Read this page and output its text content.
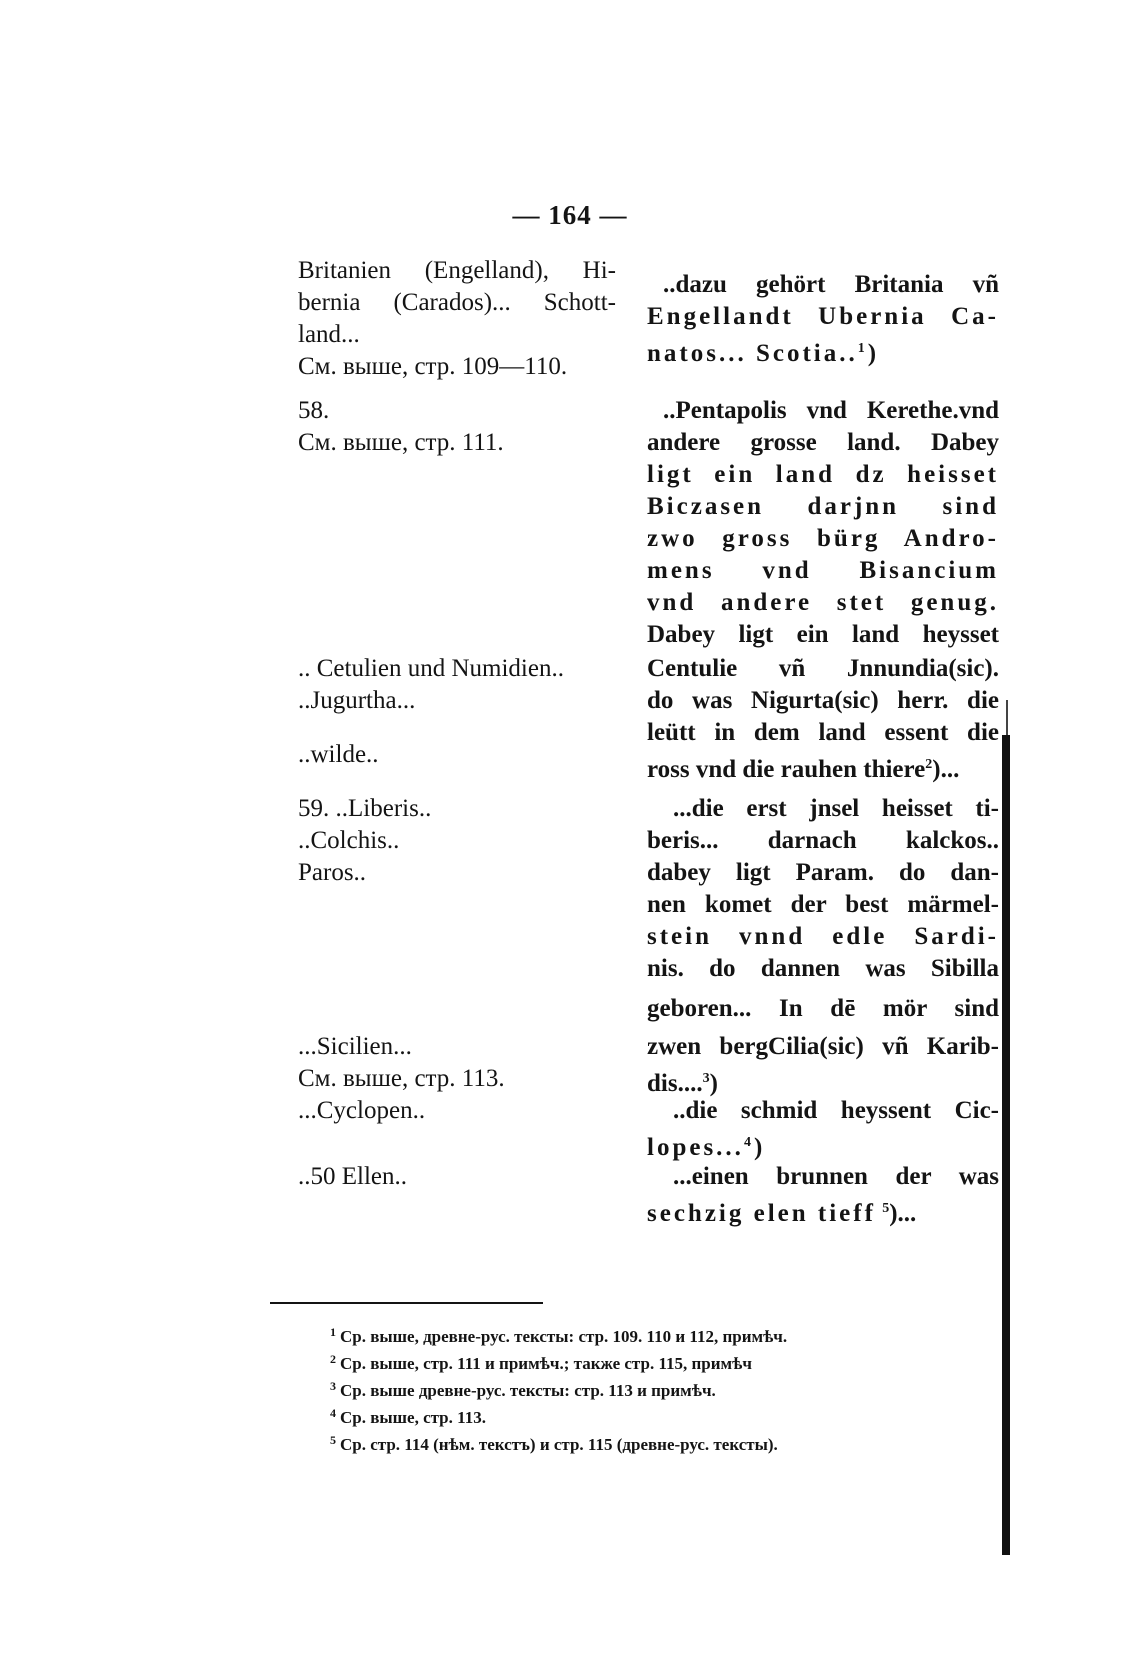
— 164 —
Britanien (Engelland), Hi-
bernia (Carados)... Schott-
land...
См. выше, стр. 109—110.
58.
См. выше, стр. 111.
.. Cetulien und Numidien..
..Jugurtha...
..wilde..
59. ..Liberis..
..Colchis..
Paros..
...Sicilien...
См. выше, стр. 113.
...Cyclopen..
..50 Ellen..
..dazu gehört Britania vñ
Engellandt Ubernia Ca-
natos... Scotia..$^1$)
..Pentapolis vnd Kerethe.vnd
andere grosse land. Dabey
ligt ein land dz heisset
Biczasen darjnn sind
zwo gross bürg Andro-
mens vnd Bisancium
vnd andere stet genug.
Dabey ligt ein land heysset
Centulie vñ Jnnundia(sic).
do was Nigurta(sic) herr. die
leütt in dem land essent die
ross vnd die rauhen thiere$^2$)...
...die erst jnsel heisset ti-
beris... darnach kalckos..
dabey ligt Param. do dan-
nen komet der best märmel-
stein vnnd edle Sardi-
nis. do dannen was Sibilla
geboren... In dē mör sind
zwen bergCilia(sic) vñ Karib-
dis....$^3$)
..die schmid heyssent Cic-
lopes...$^4$)
...einen brunnen der was
sechzig elen tieff $^5$)...
$^1$ Ср. выше, древне-рус. тексты: стр. 109. 110 и 112, примѣч.
$^2$ Ср. выше, стр. 111 и примѣч.; также стр. 115, примѣч
$^3$ Ср. выше древне-рус. тексты: стр. 113 и примѣч.
$^4$ Ср. выше, стр. 113.
$^5$ Ср. стр. 114 (нѣм. текстъ) и стр. 115 (древне-рус. тексты).
